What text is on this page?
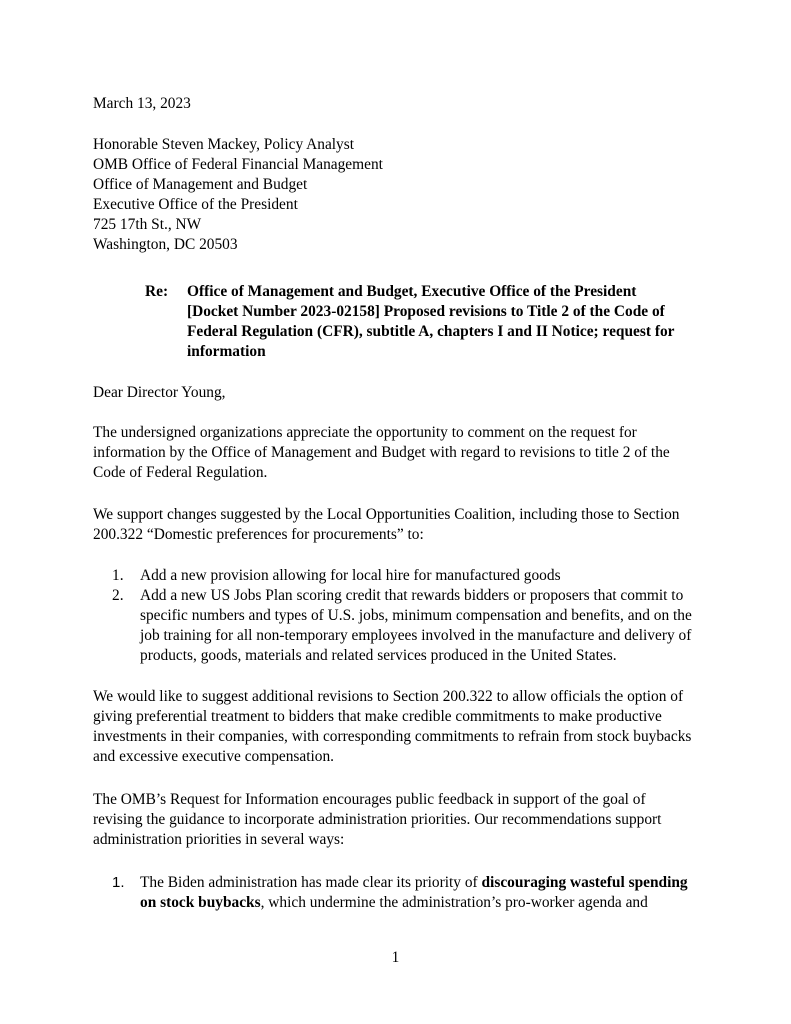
March 13, 2023
Honorable Steven Mackey, Policy Analyst
OMB Office of Federal Financial Management
Office of Management and Budget
Executive Office of the President
725 17th St., NW
Washington, DC 20503
Re: Office of Management and Budget, Executive Office of the President
[Docket Number 2023-02158] Proposed revisions to Title 2 of the Code of
Federal Regulation (CFR), subtitle A, chapters I and II Notice; request for
information
Dear Director Young,
The undersigned organizations appreciate the opportunity to comment on the request for
information by the Office of Management and Budget with regard to revisions to title 2 of the
Code of Federal Regulation.
We support changes suggested by the Local Opportunities Coalition, including those to Section
200.322 “Domestic preferences for procurements” to:
1. Add a new provision allowing for local hire for manufactured goods
2. Add a new US Jobs Plan scoring credit that rewards bidders or proposers that commit to
specific numbers and types of U.S. jobs, minimum compensation and benefits, and on the
job training for all non-temporary employees involved in the manufacture and delivery of
products, goods, materials and related services produced in the United States.
We would like to suggest additional revisions to Section 200.322 to allow officials the option of
giving preferential treatment to bidders that make credible commitments to make productive
investments in their companies, with corresponding commitments to refrain from stock buybacks
and excessive executive compensation.
The OMB’s Request for Information encourages public feedback in support of the goal of
revising the guidance to incorporate administration priorities. Our recommendations support
administration priorities in several ways:
1. The Biden administration has made clear its priority of discouraging wasteful spending
on stock buybacks, which undermine the administration’s pro-worker agenda and
1
